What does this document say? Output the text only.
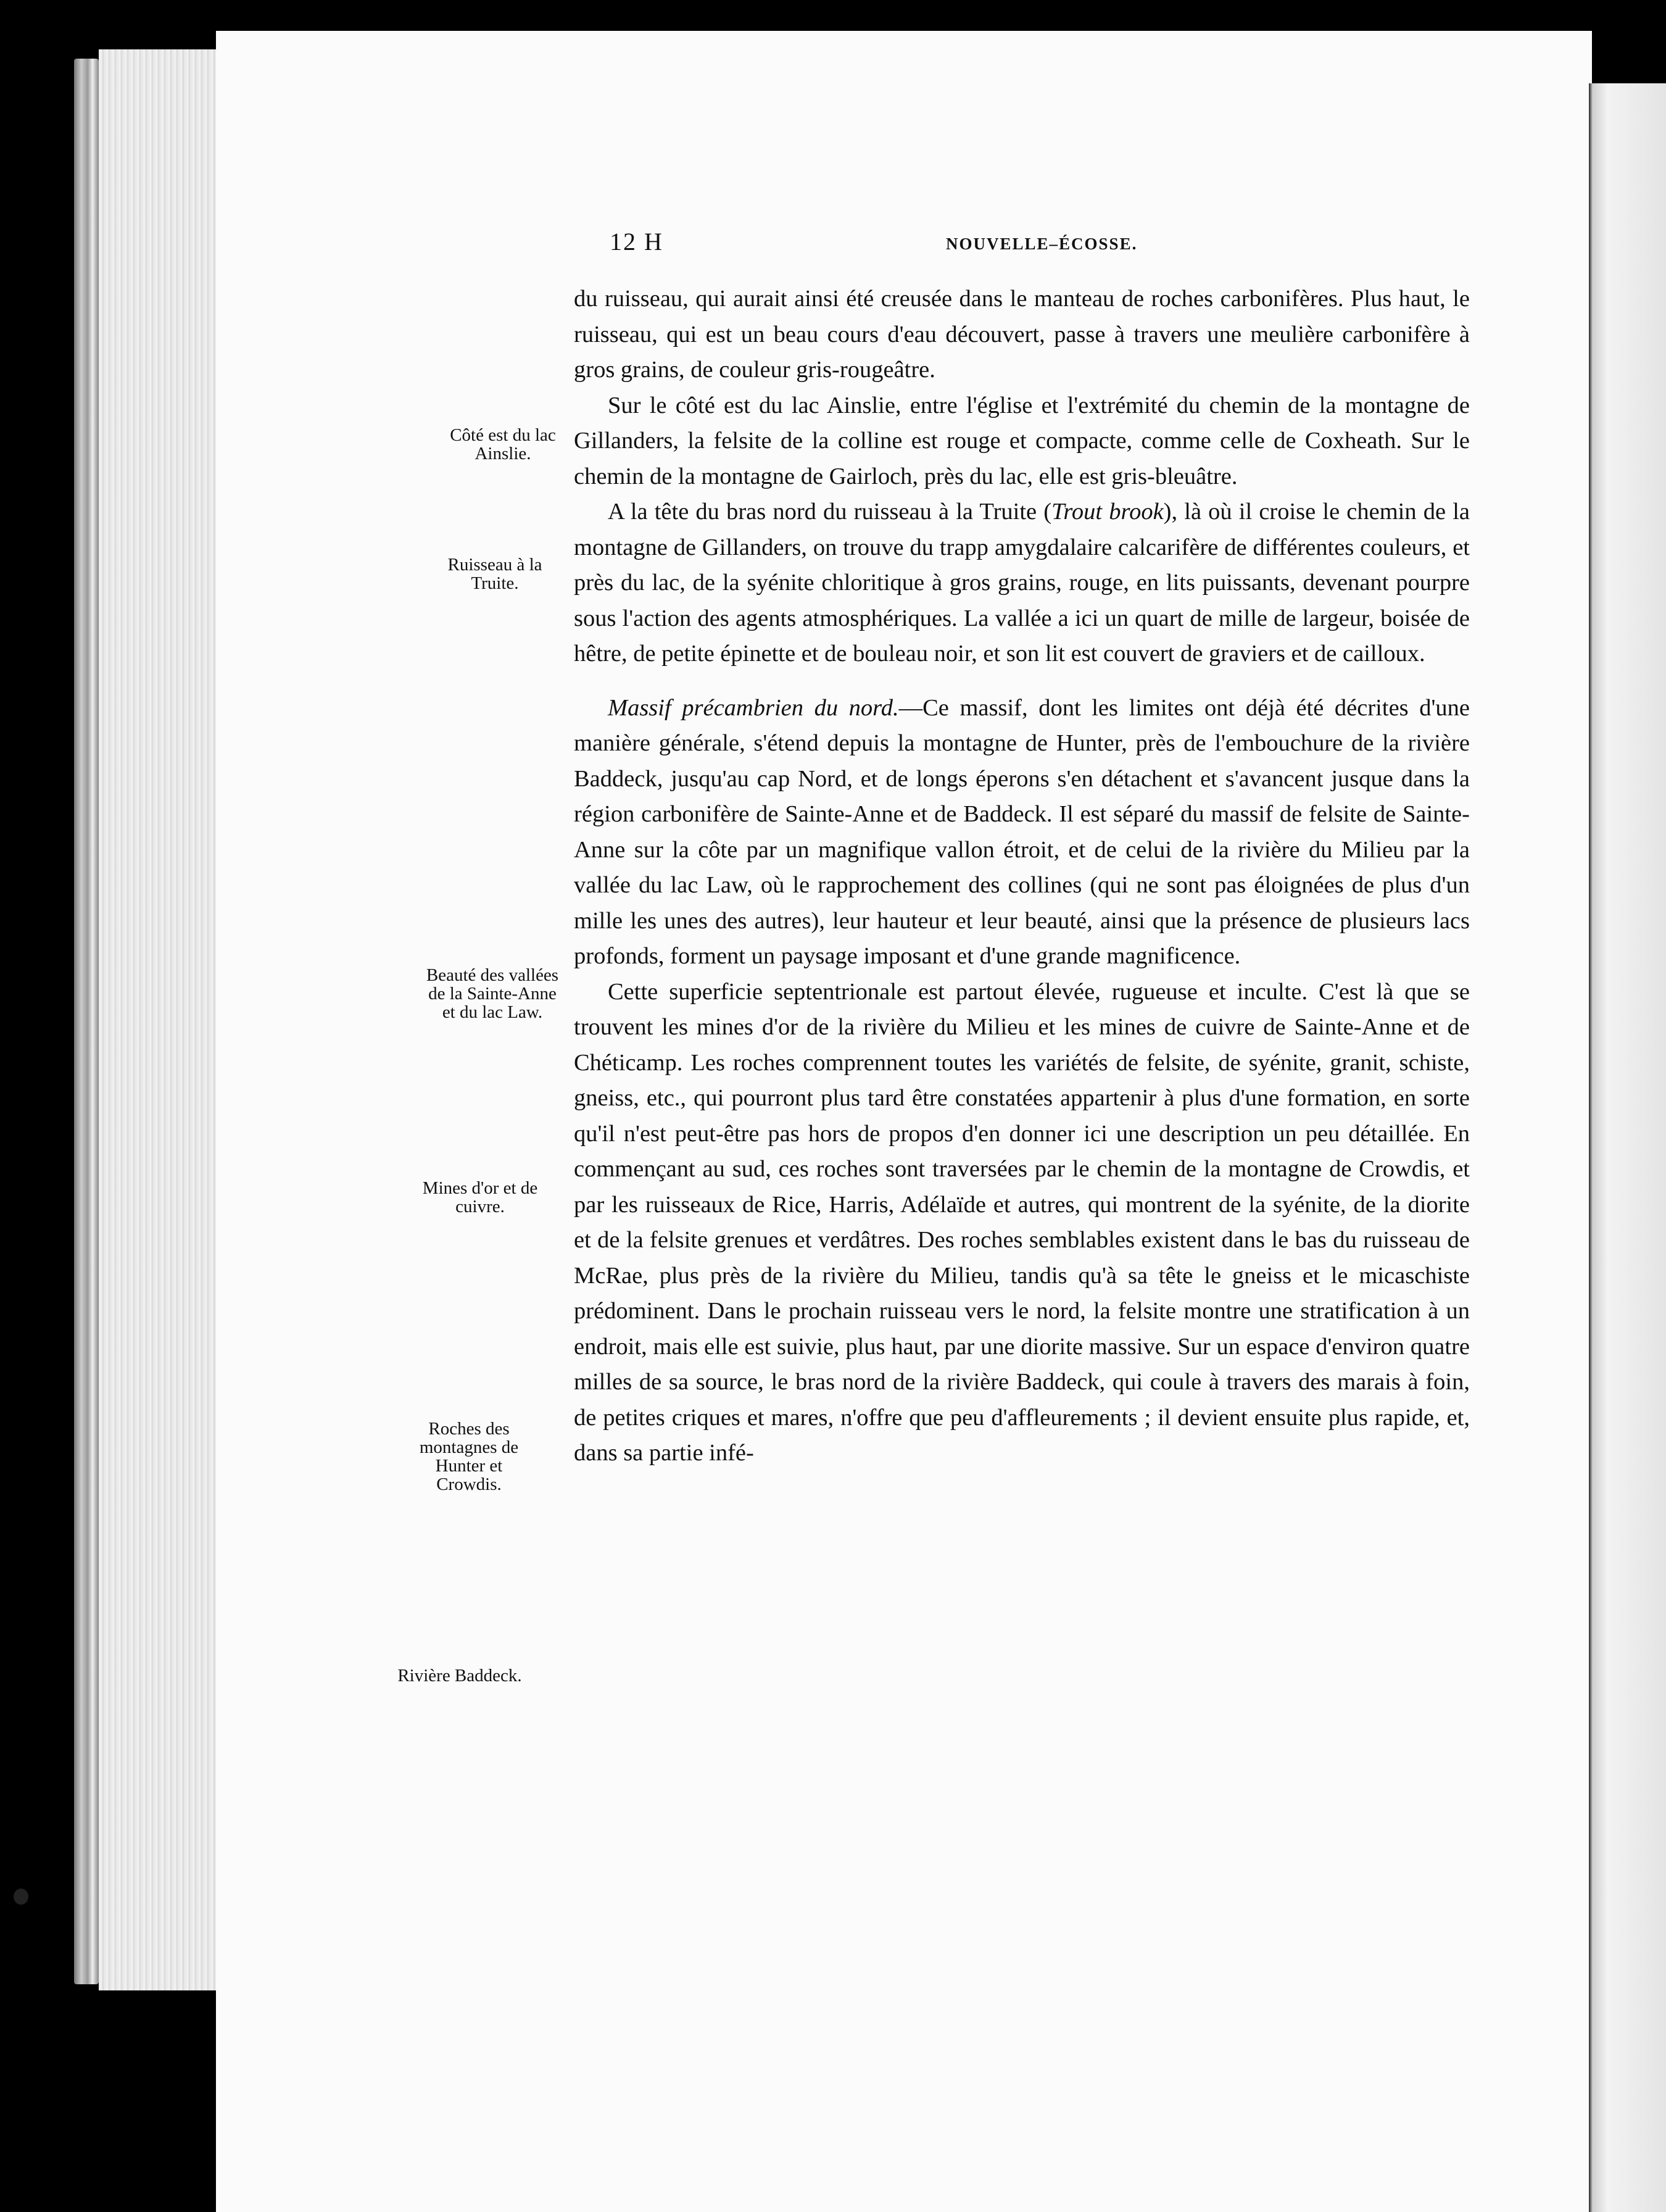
12 H	NOUVELLE–ÉCOSSE.
Côté est du lac Ainslie.
Ruisseau à la Truite.
Beauté des vallées de la Sainte-Anne et du lac Law.
Mines d'or et de cuivre.
Roches des montagnes de Hunter et Crowdis.
Rivière Baddeck.

du ruisseau, qui aurait ainsi été creusée dans le manteau de roches carbonifères. Plus haut, le ruisseau, qui est un beau cours d'eau découvert, passe à travers une meulière carbonifère à gros grains, de couleur gris-rougeâtre.

Sur le côté est du lac Ainslie, entre l'église et l'extrémité du chemin de la montagne de Gillanders, la felsite de la colline est rouge et compacte, comme celle de Coxheath. Sur le chemin de la montagne de Gairloch, près du lac, elle est gris-bleuâtre.

A la tête du bras nord du ruisseau à la Truite (Trout brook), là où il croise le chemin de la montagne de Gillanders, on trouve du trapp amygdalaire calcarifère de différentes couleurs, et près du lac, de la syénite chloritique à gros grains, rouge, en lits puissants, devenant pourpre sous l'action des agents atmosphériques. La vallée a ici un quart de mille de largeur, boisée de hêtre, de petite épinette et de bouleau noir, et son lit est couvert de graviers et de cailloux.

Massif précambrien du nord.—Ce massif, dont les limites ont déjà été décrites d'une manière générale, s'étend depuis la montagne de Hunter, près de l'embouchure de la rivière Baddeck, jusqu'au cap Nord, et de longs éperons s'en détachent et s'avancent jusque dans la région carbonifère de Sainte-Anne et de Baddeck. Il est séparé du massif de felsite de Sainte-Anne sur la côte par un magnifique vallon étroit, et de celui de la rivière du Milieu par la vallée du lac Law, où le rapprochement des collines (qui ne sont pas éloignées de plus d'un mille les unes des autres), leur hauteur et leur beauté, ainsi que la présence de plusieurs lacs profonds, forment un paysage imposant et d'une grande magnificence.

Cette superficie septentrionale est partout élevée, rugueuse et inculte. C'est là que se trouvent les mines d'or de la rivière du Milieu et les mines de cuivre de Sainte-Anne et de Chéticamp. Les roches comprennent toutes les variétés de felsite, de syénite, granit, schiste, gneiss, etc., qui pourront plus tard être constatées appartenir à plus d'une formation, en sorte qu'il n'est peut-être pas hors de propos d'en donner ici une description un peu détaillée. En commençant au sud, ces roches sont traversées par le chemin de la montagne de Crowdis, et par les ruisseaux de Rice, Harris, Adélaïde et autres, qui montrent de la syénite, de la diorite et de la felsite grenues et verdâtres. Des roches semblables existent dans le bas du ruisseau de McRae, plus près de la rivière du Milieu, tandis qu'à sa tête le gneiss et le micaschiste prédominent. Dans le prochain ruisseau vers le nord, la felsite montre une stratification à un endroit, mais elle est suivie, plus haut, par une diorite massive. Sur un espace d'environ quatre milles de sa source, le bras nord de la rivière Baddeck, qui coule à travers des marais à foin, de petites criques et mares, n'offre que peu d'affleurements ; il devient ensuite plus rapide, et, dans sa partie infé-
